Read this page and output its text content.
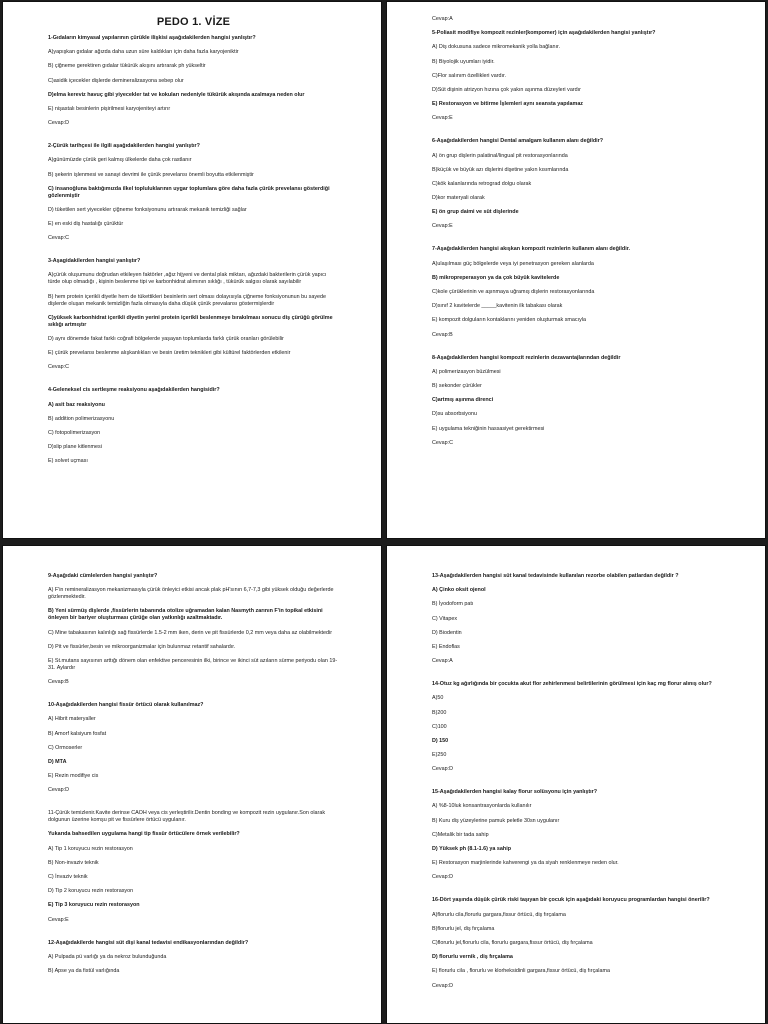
PEDO 1. VİZE
1-Gıdaların kimyasal yapılarının çürükle ilişkisi aşağıdakilerden hangisi yanlıştır?
A)yapışkan gıdalar ağızda daha uzun süre kaldıkları için daha fazla karyojeniktir
B) çiğneme gerektiren gıdalar tükürük akışını artırarak ph yükseltir
C)asidik içecekler dişlerde demineralizasyona sebep olur
D)elma kereviz havuç gibi yiyecekler tat ve kokuları nedeniyle tükürük akışında azalmaya neden olur
E) nişastalı besinlerin pişirilmesi karyojeniteyi artırır
Cevap:D
2-Çürük tarihçesi ile ilgili aşağıdakilerden hangisi yanlıştır?
A)günümüzde çürük geri kalmış ülkelerde daha çok rastlanır
B) şekerin işlenmesi ve sanayi devrimi ile çürük prevelansı önemli boyutta etkilenmiştir
C) insanoğluna baktığımızda ilkel topluluklarının uygar toplumlara göre daha fazla çürük prevelansı gösterdiği gözlenmiştir
D) tüketilen sert yiyecekler çiğneme fonksiyonunu artırarak mekanik temizliği sağlar
E) en eski diş hastalığı çürüktür
Cevap:C
3-Aşagidakilerden hangisi yanlıştır?
A)çürük oluşumunu doğrudan etkileyen faktörler ,ağız hijyeni ve dental plak miktarı, ağızdaki bakterilerin çürük yapıcı türde olup olmadığı , kişinin beslenme tipi ve karbonhidrat alımının sıklığı , tükürük salgısı olarak sayılabilir
B) hem protein içerikli diyetle hem de tükettikleri besinlerin sert olması dolayısıyla çiğneme fonksiyonunun bu sayede dişlerde oluşan mekanik temizliğin fazla olmasıyla daha düşük çürük prevalansı göstermişlerdir
C)yüksek karbonhidrat içerikli diyetin yerini protein içerikli beslenmeye bırakılması sonucu diş çürüğü görülme sıklığı artmıştır
D) aynı dönemde fakat farklı coğrafi bölgelerde yaşayan toplumlarda farklı çürük oranları görülebilir
E) çürük prevelansı beslenme alışkanlıkları ve besin üretim teknikleri gibi kültürel faktörlerden etkilenir
Cevap:C
4-Geleneksel cis sertleşme reaksiyonu aşağıdakilerden hangisidir?
A) asit baz reaksiyonu
B) addition polimerizasyonu
C) fotopolimerizasyon
D)slip plane kitlenmesi
E) solvet uçması
Cevap:A
5-Poliasit modifiye kompozit rezinler(kompomer) için aşağıdakilerden hangisi yanlıştır?
A) Diş dokusuna sadece mikromekanik yolla bağlanır.
B) Biyolojik uyumları iyidir.
C)Flor salınım özellikleri vardır.
D)Süt dişinin atrizyon hızına çok yakın aşınma düzeyleri vardır
E) Restorasyon ve bitirme İşlemleri aynı seansta yapılamaz
Cevap:E
6-Aşağıdakilerden hangisi Dental amalgam kullanım alanı değildir?
A) ön grup dişlerin palatinal/lingual pit restorasyonlarında
B)küçük ve büyük azı dişlerini dişetine yakın kısımlarında
C)kök kalanlarında retrograd dolgu olarak
D)kor materyali olarak
E) ön grup daimi ve süt dişlerinde
Cevap:E
7-Aşağıdakilerden hangisi akışkan kompozit rezinlerin kullanım alanı değildir.
A)ulaşılması güç bölgelerde veya iyi penetrasyon gereken alanlarda
B) mikropreperasyon ya da çok büyük kavitelerde
C)kole çürüklerinin ve aşınmaya uğramış dişlerin restorasyonlarında
D)sınıf 2 kavitelerde _____kavitenin ilk tabakası olarak
E) kompozit dolguların kontaklarını yeniden oluşturmak smacıyla
Cevap:B
8-Aşağıdakilerden hangisi kompozit rezinlerin dezavantajlarından değildir
A) polimerizasyon büzülmesi
B) sekonder çürükler
C)artmış aşınma direnci
D)su absorbsiyonu
E) uygulama tekniğinin hassasiyet gerektirmesi
Cevap:C
9-Aşağıdaki cümlelerden hangisi yanlıştır?
A) F'in remineralizasyon mekanizmasıyla çürük önleyici etkisi ancak plak pH'sının 6,7-7,3 gibi yüksek olduğu değerlerde gözlenmektedir.
B) Yeni sürmüş dişlerde ,fissürlerin tabanında otolize uğramadan kalan Nasmyth zarının F'in topikal etkisini önleyen bir bariyer oluşturması çürüğe olan yatkınlığı azaltmaktadır.
C) Mine tabakasının kalınlığı sağ fissürlerde 1.5-2 mm iken, derin ve pit fissürlerde 0,2 mm veya daha az olabilmektedir
D) Pit ve fissürler,besin ve mikroorganizmalar için bulunmaz retantif sahalardır.
E) St.mutans sayısının arttığı dönem olan enfektive penceresinin ilki, birince ve ikinci süt azıların sürme periyodu olan 19-31. Aylardır
Cevap:B
10-Aşağıdakilerden hangisi fissür örtücü olarak kullanılmaz?
A) Hibrit materyaller
B) Amorf kalsiyum fosfat
C) Ormoserler
D) MTA
E) Rezin modifiye cis
Cevap:D
11-Çürük temizlenir.Kavite derinse CAOH veya cis yerleştirilir.Dentin bonding ve kompozit rezin uygulanır.Son olarak dolgunun üzerine komşu pit ve fissürlere örtücü uygulanır.
Yukarıda bahsedilen uygulama hangi tip fissür örtücülere örnek verilebilir?
A) Tip 1 koruyucu rezin restorasyon
B) Non-invaziv teknik
C) İnvaziv teknik
D) Tip 2 koruyucu rezin restorasyon
E) Tip 3 koruyucu rezin restorasyon
Cevap:E
12-Aşağıdakilerde hangisi süt dişi kanal tedavisi endikasyonlarından değildir?
A) Pulpada pü varlığı ya da nekroz bulunduğunda
B) Apse ya da fistül varlığında
13-Aşağıdakilerden hangisi süt kanal tedavisinde kullanılan rezorbe olabilen patlardan değildir ?
A) Çinko oksit ojenol
B) İyodoform patı
C) Vitapex
D) Biodentin
E) Endoflas
Cevap:A
14-Otuz kg ağırlığında bir çocukta akut flor zehirlenmesi belirtilerinin görülmesi için kaç mg florur alınış olur?
A)50
B)200
C)100
D) 150
E)250
Cevap:D
15-Aşağıdakilerden hangisi kalay florur solüsyonu için yanlıştır?
A) %8-10luk konsantrasyonlarda kullanılır
B) Kuru diş yüzeylerine pamuk peletle 30sn uygulanır
C)Metalik bir tada sahip
D) Yüksek ph (8.1-1.6) ya sahip
E) Restorasyon marjinlerinde kahverengi ya da siyah renklenmeye neden olur.
Cevap:D
16-Dört yaşında düşük çürük riski taşıyan bir çocuk için aşağıdaki koruyucu programlardan hangisi önerilir?
A)florurlu cila,florurlu gargara,fissur örtücü, diş fırçalama
B)florurlu jel, diş fırçalama
C)florurlu jel,florurlu cila, florurlu gargara,fissur örtücü, diş fırçalama
D) florurlu vernik , diş fırçalama
E) florurlu cila , florurlu ve klorheksidinli gargara,fissur örtücü, diş fırçalama
Cevap:D
